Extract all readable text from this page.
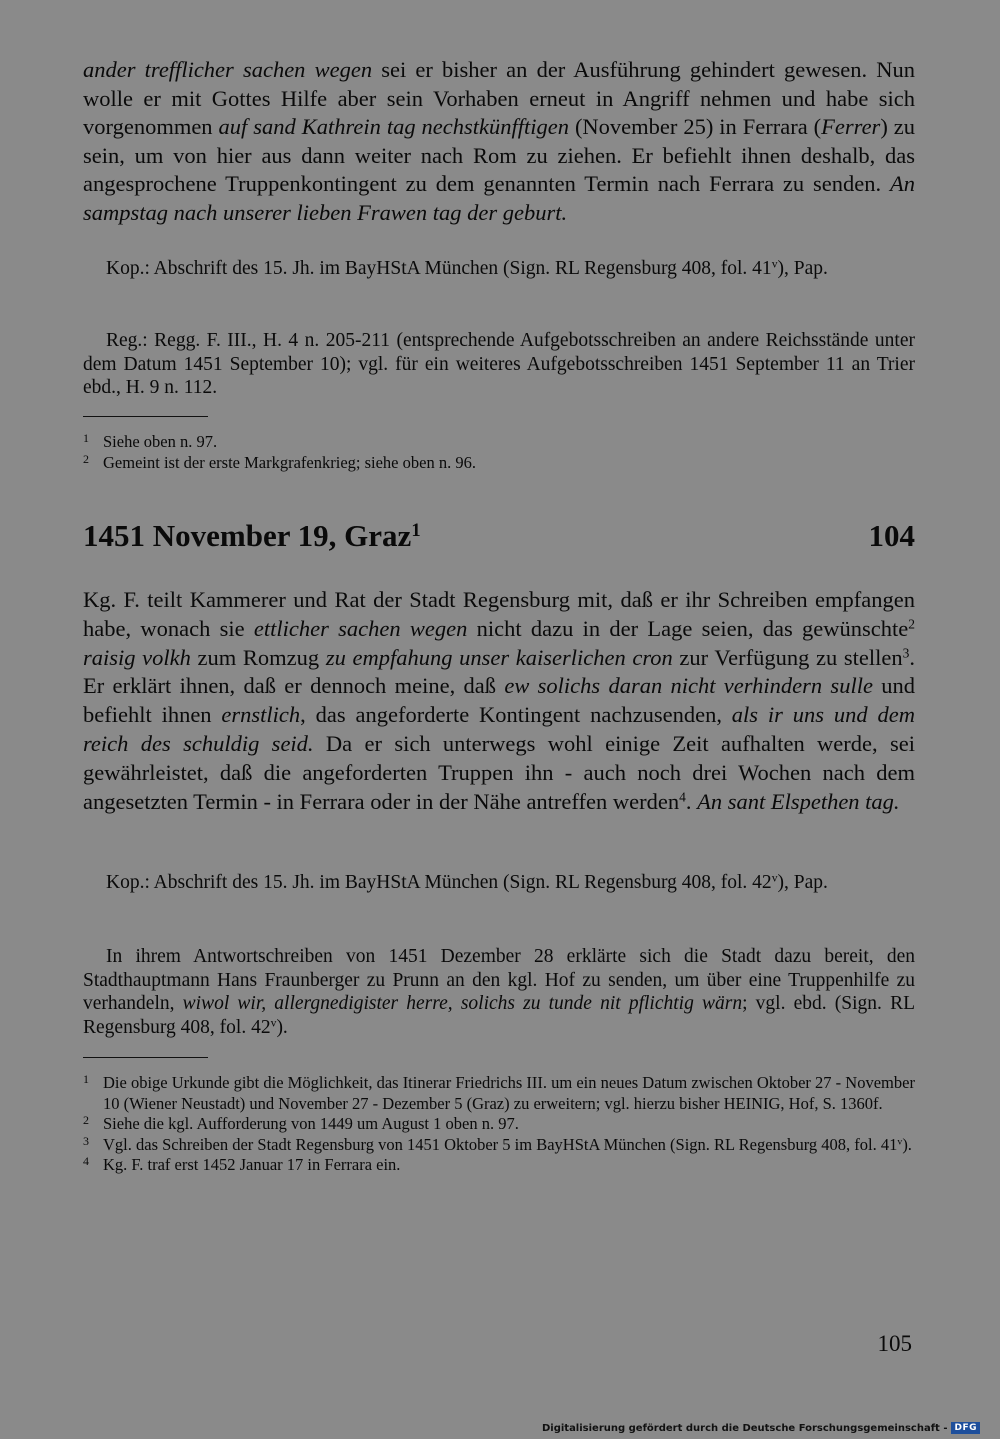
ander trefflicher sachen wegen sei er bisher an der Ausführung gehindert gewesen. Nun wolle er mit Gottes Hilfe aber sein Vorhaben erneut in Angriff nehmen und habe sich vorgenommen auf sand Kathrein tag nechstkünfftigen (November 25) in Ferrara (Ferrer) zu sein, um von hier aus dann weiter nach Rom zu ziehen. Er befiehlt ihnen deshalb, das angesprochene Truppenkontingent zu dem genannten Termin nach Ferrara zu senden. An sampstag nach unserer lieben Frawen tag der geburt.

Kop.: Abschrift des 15. Jh. im BayHStA München (Sign. RL Regensburg 408, fol. 41$^v$), Pap.

Reg.: Regg. F. III., H. 4 n. 205-211 (entsprechende Aufgebotsschreiben an andere Reichsstände unter dem Datum 1451 September 10); vgl. für ein weiteres Aufgebotsschreiben 1451 September 11 an Trier ebd., H. 9 n. 112.

1 Siehe oben n. 97.
2 Gemeint ist der erste Markgrafenkrieg; siehe oben n. 96.
1451 November 19, Graz$^1$	104

Kg. F. teilt Kammerer und Rat der Stadt Regensburg mit, daß er ihr Schreiben empfangen habe, wonach sie ettlicher sachen wegen nicht dazu in der Lage seien, das gewünschte$^2$ raisig volkh zum Romzug zu empfahung unser kaiserlichen cron zur Verfügung zu stellen$^3$. Er erklärt ihnen, daß er dennoch meine, daß ew solichs daran nicht verhindern sulle und befiehlt ihnen ernstlich, das angeforderte Kontingent nachzusenden, als ir uns und dem reich des schuldig seid. Da er sich unterwegs wohl einige Zeit aufhalten werde, sei gewährleistet, daß die angeforderten Truppen ihn - auch noch drei Wochen nach dem angesetzten Termin - in Ferrara oder in der Nähe antreffen werden$^4$. An sant Elspethen tag.

Kop.: Abschrift des 15. Jh. im BayHStA München (Sign. RL Regensburg 408, fol. 42$^v$), Pap.

In ihrem Antwortschreiben von 1451 Dezember 28 erklärte sich die Stadt dazu bereit, den Stadthauptmann Hans Fraunberger zu Prunn an den kgl. Hof zu senden, um über eine Truppenhilfe zu verhandeln, wiwol wir, allergnedigister herre, solichs zu tunde nit pflichtig wärn; vgl. ebd. (Sign. RL Regensburg 408, fol. 42$^v$).

1 Die obige Urkunde gibt die Möglichkeit, das Itinerar Friedrichs III. um ein neues Datum zwischen Oktober 27 - November 10 (Wiener Neustadt) und November 27 - Dezember 5 (Graz) zu erweitern; vgl. hierzu bisher HEINIG, Hof, S. 1360f.
2 Siehe die kgl. Aufforderung von 1449 um August 1 oben n. 97.
3 Vgl. das Schreiben der Stadt Regensburg von 1451 Oktober 5 im BayHStA München (Sign. RL Regensburg 408, fol. 41$^v$).
4 Kg. F. traf erst 1452 Januar 17 in Ferrara ein.
105
Digitalisierung gefördert durch die Deutsche Forschungsgemeinschaft - DFG
